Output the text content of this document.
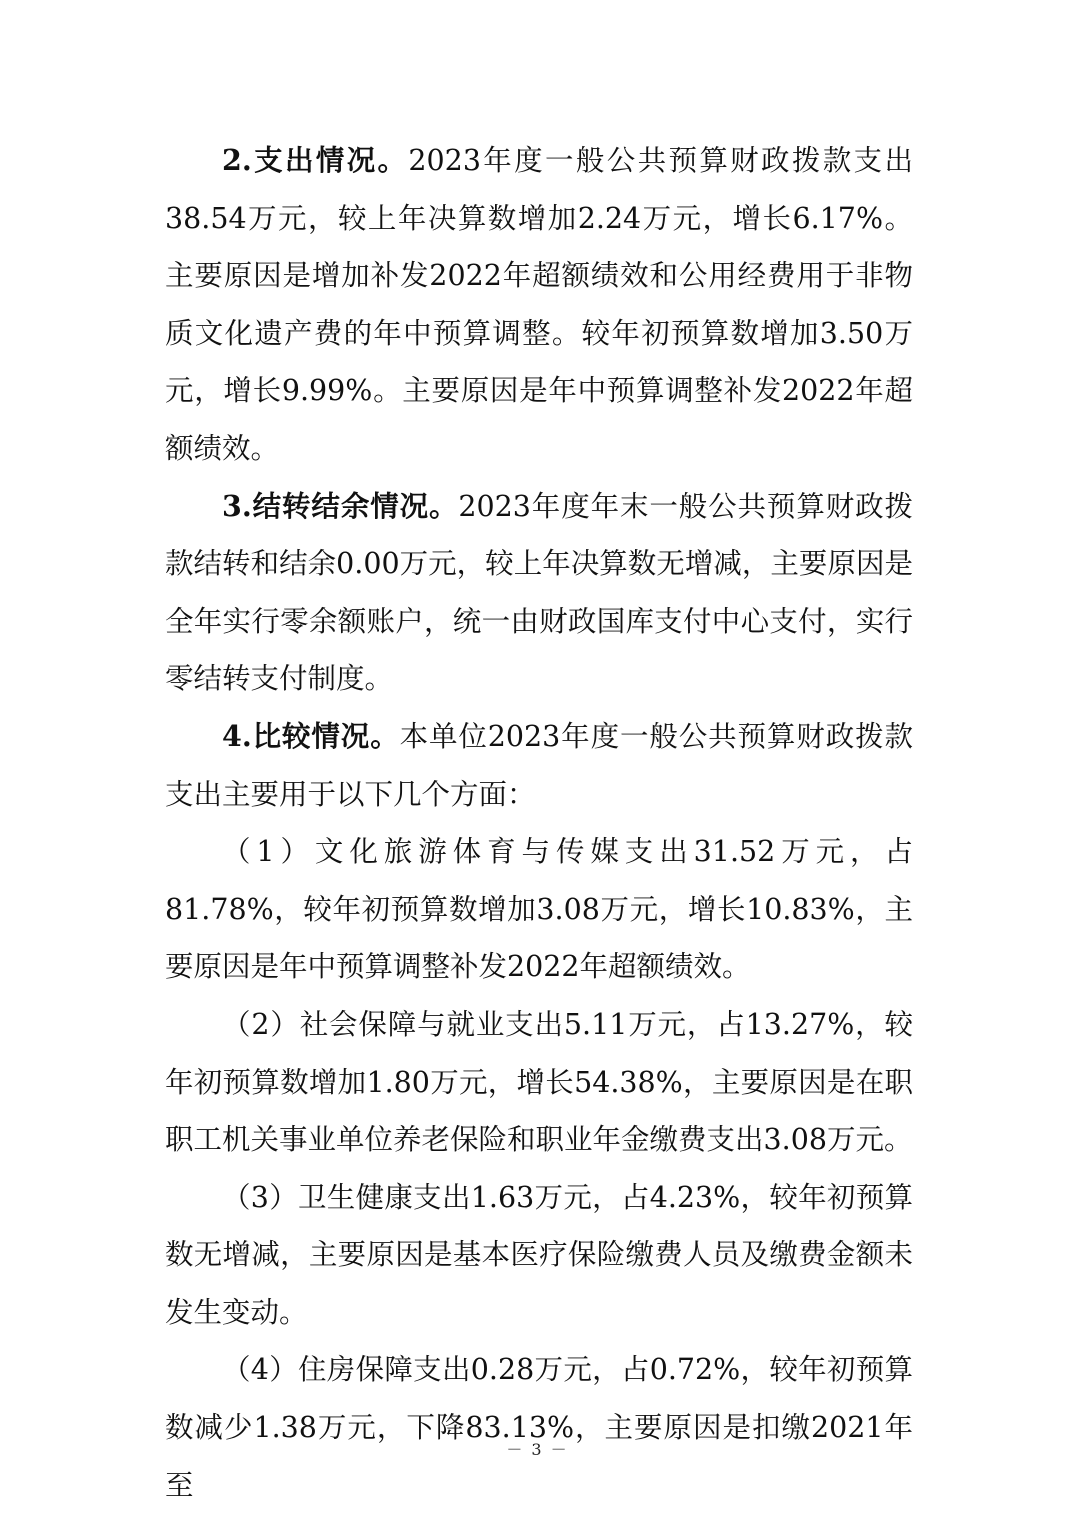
2.支出情况。2023年度一般公共预算财政拨款支出38.54万元，较上年决算数增加2.24万元，增长6.17%。主要原因是增加补发2022年超额绩效和公用经费用于非物质文化遗产费的年中预算调整。较年初预算数增加3.50万元，增长9.99%。主要原因是年中预算调整补发2022年超额绩效。

3.结转结余情况。2023年度年末一般公共预算财政拨款结转和结余0.00万元，较上年决算数无增减，主要原因是全年实行零余额账户，统一由财政国库支付中心支付，实行零结转支付制度。

4.比较情况。本单位2023年度一般公共预算财政拨款支出主要用于以下几个方面：

（1）文化旅游体育与传媒支出31.52万元，占81.78%，较年初预算数增加3.08万元，增长10.83%，主要原因是年中预算调整补发2022年超额绩效。

（2）社会保障与就业支出5.11万元，占13.27%，较年初预算数增加1.80万元，增长54.38%，主要原因是在职职工机关事业单位养老保险和职业年金缴费支出3.08万元。

（3）卫生健康支出1.63万元，占4.23%，较年初预算数无增减，主要原因是基本医疗保险缴费人员及缴费金额未发生变动。

（4）住房保障支出0.28万元，占0.72%，较年初预算数减少1.38万元，下降83.13%，主要原因是扣缴2021年至

－ 3 －
